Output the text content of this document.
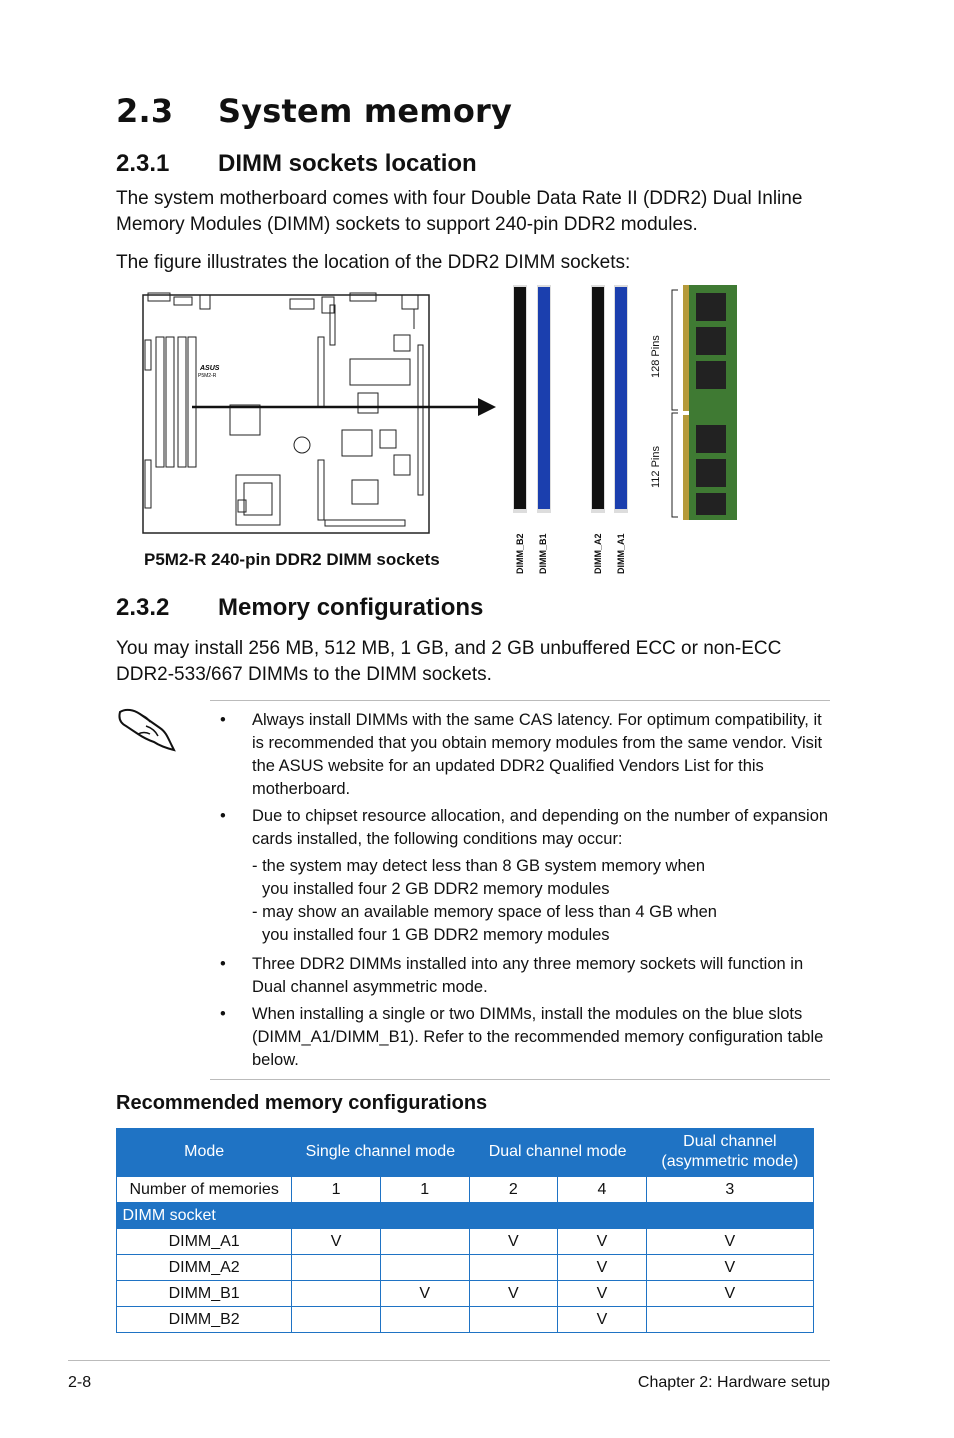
2.3 System memory
2.3.1 DIMM sockets location
The system motherboard comes with four Double Data Rate II (DDR2) Dual Inline Memory Modules (DIMM) sockets to support 240-pin DDR2 modules.
The figure illustrates the location of the DDR2 DIMM sockets:
ASUS
P5M2-R
DIMM_B2 DIMM_B1	DIMM_A2 DIMM_A1
128 Pins
112 Pins
P5M2-R 240-pin DDR2 DIMM sockets
2.3.2 Memory configurations
You may install 256 MB, 512 MB, 1 GB, and 2 GB unbuffered ECC or non-ECC DDR2-533/667 DIMMs to the DIMM sockets.
• Always install DIMMs with the same CAS latency. For optimum compatibility, it is recommended that you obtain memory modules from the same vendor. Visit the ASUS website for an updated DDR2 Qualified Vendors List for this motherboard.
• Due to chipset resource allocation, and depending on the number of expansion cards installed, the following conditions may occur:
- the system may detect less than 8 GB system memory when
you installed four 2 GB DDR2 memory modules
- may show an available memory space of less than 4 GB when
you installed four 1 GB DDR2 memory modules
• Three DDR2 DIMMs installed into any three memory sockets will function in Dual channel asymmetric mode.
• When installing a single or two DIMMs, install the modules on the blue slots (DIMM_A1/DIMM_B1). Refer to the recommended memory configuration table below.
Recommended memory configurations
Mode	Single channel mode		Dual channel mode		Dual channel
(asymmetric mode)

Number of memories	1	1	2	4	3
DIMM socket					
DIMM_A1	V		V	V	V
DIMM_A2				V	V
DIMM_B1		V	V	V	V
DIMM_B2				V	
2-8	Chapter 2: Hardware setup
